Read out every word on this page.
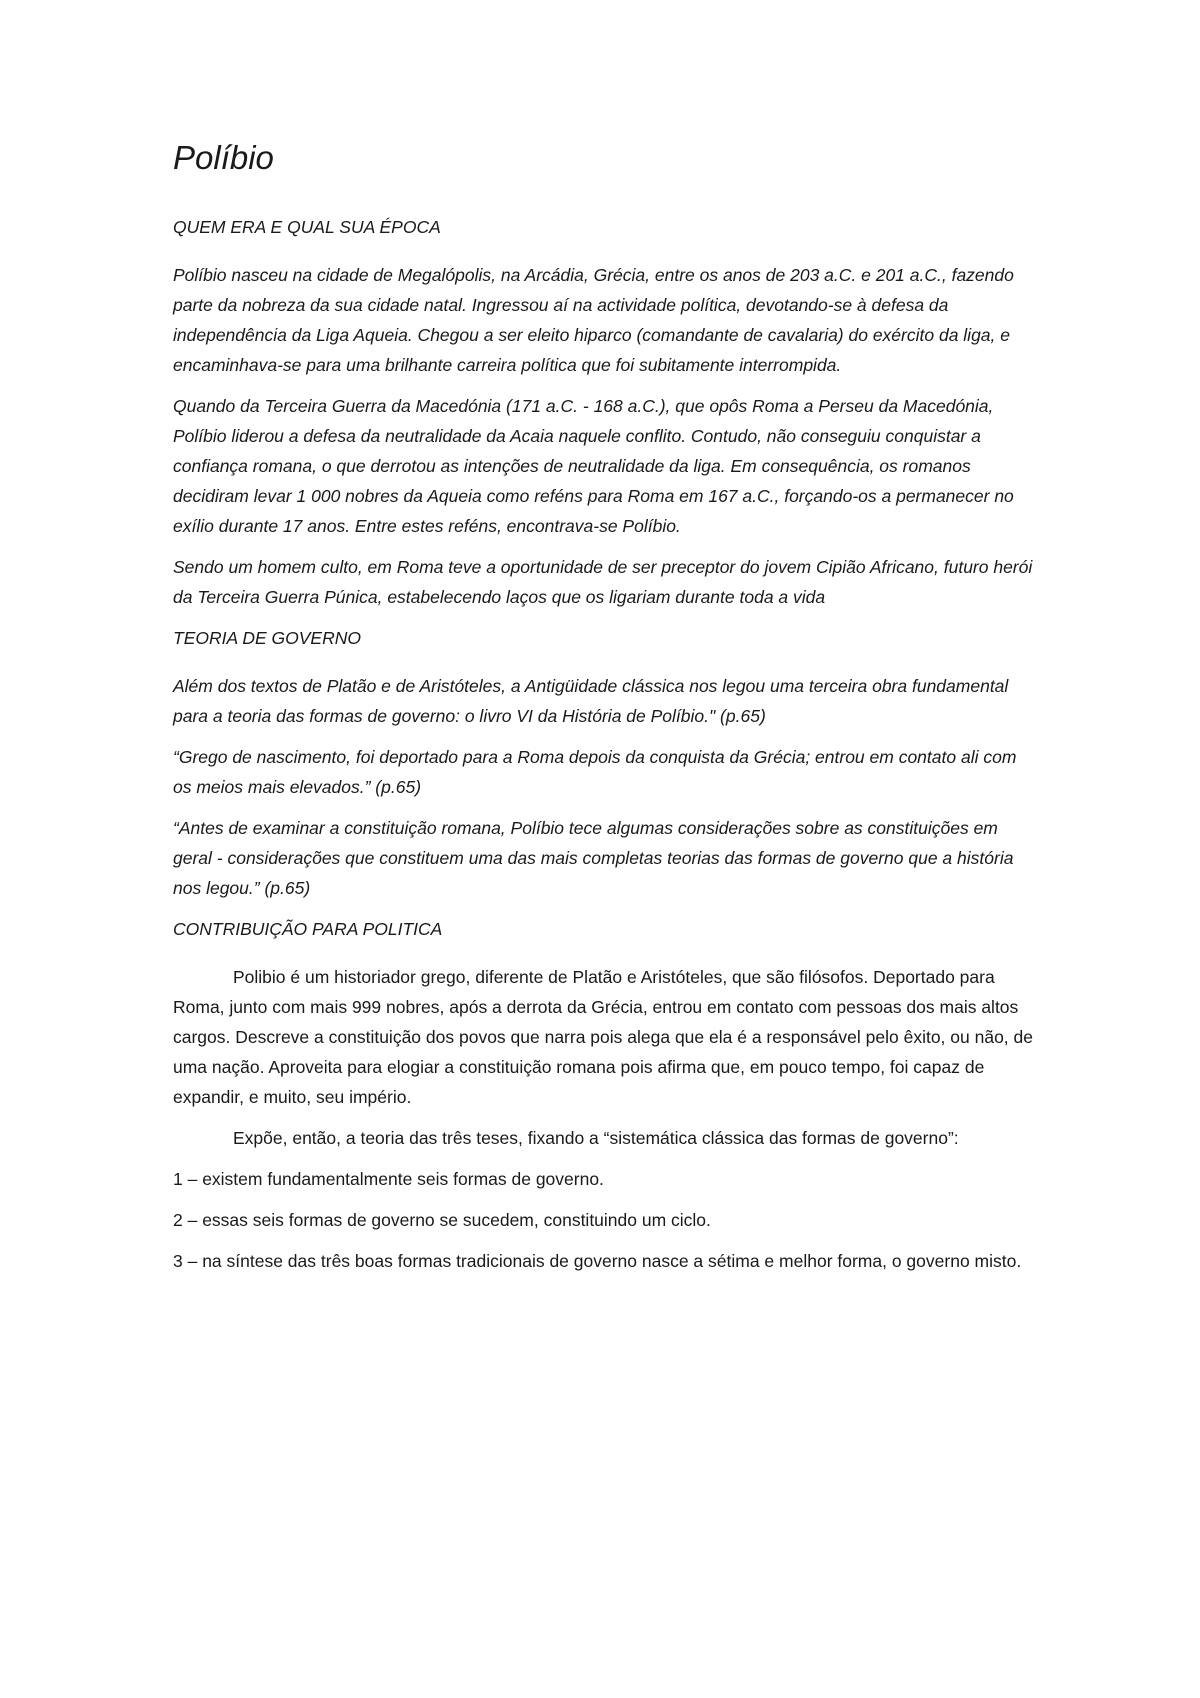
Políbio
QUEM ERA E QUAL SUA ÉPOCA

Políbio nasceu na cidade de Megalópolis, na Arcádia, Grécia, entre os anos de 203 a.C. e 201 a.C., fazendo parte da nobreza da sua cidade natal. Ingressou aí na actividade política, devotando-se à defesa da independência da Liga Aqueia. Chegou a ser eleito hiparco (comandante de cavalaria) do exército da liga, e encaminhava-se para uma brilhante carreira política que foi subitamente interrompida.

Quando da Terceira Guerra da Macedónia (171 a.C. - 168 a.C.), que opôs Roma a Perseu da Macedónia, Políbio liderou a defesa da neutralidade da Acaia naquele conflito. Contudo, não conseguiu conquistar a confiança romana, o que derrotou as intenções de neutralidade da liga. Em consequência, os romanos decidiram levar 1 000 nobres da Aqueia como reféns para Roma em 167 a.C., forçando-os a permanecer no exílio durante 17 anos. Entre estes reféns, encontrava-se Políbio.

Sendo um homem culto, em Roma teve a oportunidade de ser preceptor do jovem Cipião Africano, futuro herói da Terceira Guerra Púnica, estabelecendo laços que os ligariam durante toda a vida

TEORIA DE GOVERNO

Além dos textos de Platão e de Aristóteles, a Antigüidade clássica nos legou uma terceira obra fundamental para a teoria das formas de governo: o livro VI da História de Políbio." (p.65)

“Grego de nascimento, foi deportado para a Roma depois da conquista da Grécia; entrou em contato ali com os meios mais elevados.” (p.65)

“Antes de examinar a constituição romana, Políbio tece algumas considerações sobre as constituições em geral - considerações que constituem uma das mais completas teorias das formas de governo que a história nos legou.” (p.65)

CONTRIBUIÇÃO PARA POLITICA

Polibio é um historiador grego, diferente de Platão e Aristóteles, que são filósofos. Deportado para Roma, junto com mais 999 nobres, após a derrota da Grécia, entrou em contato com pessoas dos mais altos cargos. Descreve a constituição dos povos que narra pois alega que ela é a responsável pelo êxito, ou não, de uma nação. Aproveita para elogiar a constituição romana pois afirma que, em pouco tempo, foi capaz de expandir, e muito, seu império.

Expõe, então, a teoria das três teses, fixando a “sistemática clássica das formas de governo”:

1 – existem fundamentalmente seis formas de governo.

2 – essas seis formas de governo se sucedem, constituindo um ciclo.

3 – na síntese das três boas formas tradicionais de governo nasce a sétima e melhor forma, o governo misto.
